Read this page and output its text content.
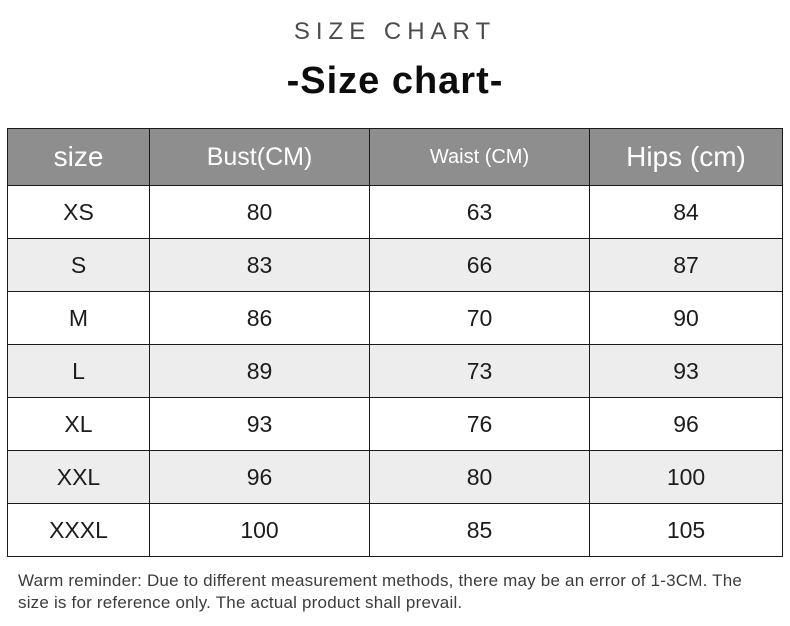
SIZE CHART
-Size chart-
size	Bust(CM)	Waist (CM)	Hips (cm)
XS	80	63	84
S	83	66	87
M	86	70	90
L	89	73	93
XL	93	76	96
XXL	96	80	100
XXXL	100	85	105
Warm reminder: Due to different measurement methods, there may be an error of 1-3CM. The size is for reference only. The actual product shall prevail.
